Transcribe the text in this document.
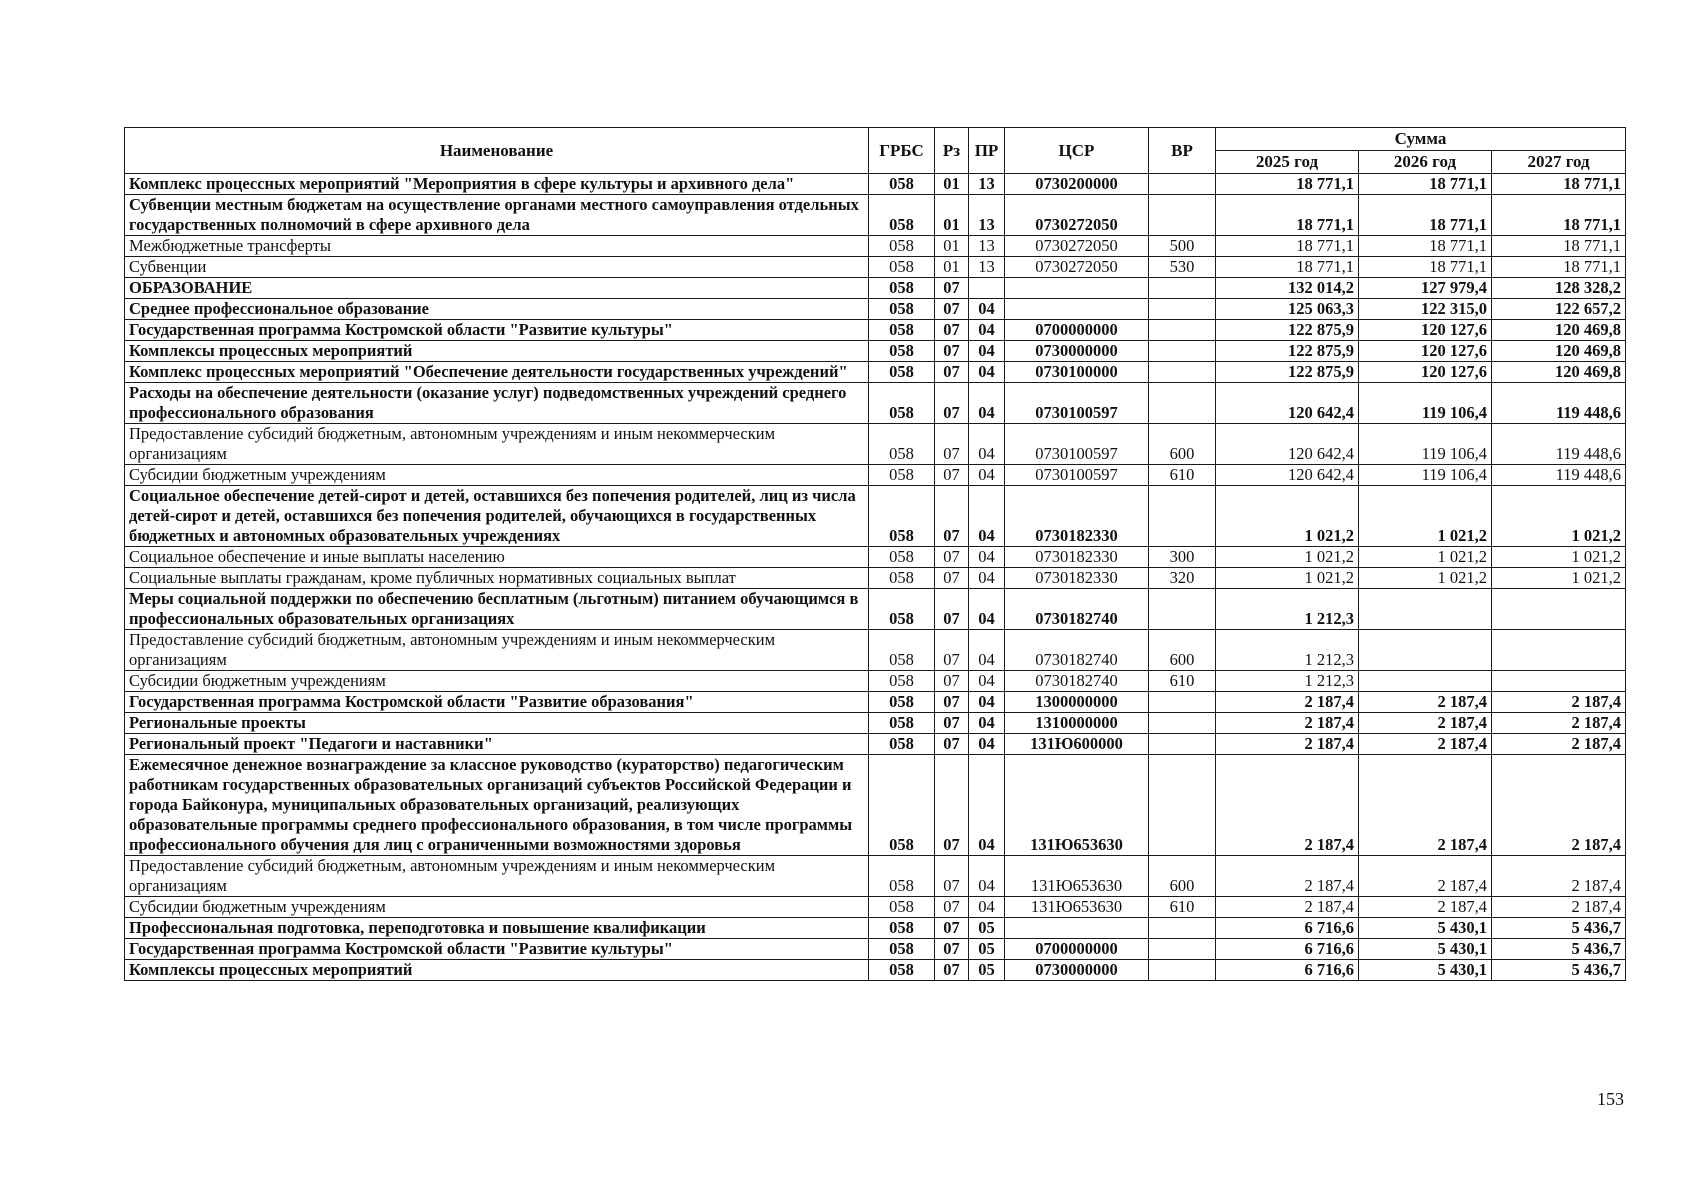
Наименование	ГРБС	Рз	ПР	ЦСР	ВР	Сумма		
						2025 год	2026 год	2027 год
Комплекс процессных мероприятий "Мероприятия в сфере культуры и архивного дела"	058	01	13	0730200000		18 771,1	18 771,1	18 771,1
Субвенции местным бюджетам на осуществление органами местного самоуправления отдельных государственных полномочий в сфере архивного дела	058	01	13	0730272050		18 771,1	18 771,1	18 771,1
Межбюджетные трансферты	058	01	13	0730272050	500	18 771,1	18 771,1	18 771,1
Субвенции	058	01	13	0730272050	530	18 771,1	18 771,1	18 771,1
ОБРАЗОВАНИЕ	058	07				132 014,2	127 979,4	128 328,2
Среднее профессиональное образование	058	07	04			125 063,3	122 315,0	122 657,2
Государственная программа Костромской области "Развитие культуры"	058	07	04	0700000000		122 875,9	120 127,6	120 469,8
Комплексы процессных мероприятий	058	07	04	0730000000		122 875,9	120 127,6	120 469,8
Комплекс процессных мероприятий "Обеспечение деятельности государственных учреждений"	058	07	04	0730100000		122 875,9	120 127,6	120 469,8
Расходы на обеспечение деятельности (оказание услуг) подведомственных учреждений среднего профессионального образования	058	07	04	0730100597		120 642,4	119 106,4	119 448,6
Предоставление субсидий бюджетным, автономным учреждениям и иным некоммерческим организациям	058	07	04	0730100597	600	120 642,4	119 106,4	119 448,6
Субсидии бюджетным учреждениям	058	07	04	0730100597	610	120 642,4	119 106,4	119 448,6
Социальное обеспечение детей-сирот и детей, оставшихся без попечения родителей, лиц из числа детей-сирот и детей, оставшихся без попечения родителей, обучающихся в государственных бюджетных и автономных образовательных учреждениях	058	07	04	0730182330		1 021,2	1 021,2	1 021,2
Социальное обеспечение и иные выплаты населению	058	07	04	0730182330	300	1 021,2	1 021,2	1 021,2
Социальные выплаты гражданам, кроме публичных нормативных социальных выплат	058	07	04	0730182330	320	1 021,2	1 021,2	1 021,2
Меры социальной поддержки по обеспечению бесплатным (льготным) питанием обучающимся в профессиональных образовательных организациях	058	07	04	0730182740		1 212,3		
Предоставление субсидий бюджетным, автономным учреждениям и иным некоммерческим организациям	058	07	04	0730182740	600	1 212,3		
Субсидии бюджетным учреждениям	058	07	04	0730182740	610	1 212,3		
Государственная программа Костромской области "Развитие образования"	058	07	04	1300000000		2 187,4	2 187,4	2 187,4
Региональные проекты	058	07	04	1310000000		2 187,4	2 187,4	2 187,4
Региональный проект "Педагоги и наставники"	058	07	04	131Ю600000		2 187,4	2 187,4	2 187,4
Ежемесячное денежное вознаграждение за классное руководство (кураторство) педагогическим работникам государственных образовательных организаций субъектов Российской Федерации и города Байконура, муниципальных образовательных организаций, реализующих образовательные программы среднего профессионального образования, в том числе программы профессионального обучения для лиц с ограниченными возможностями здоровья	058	07	04	131Ю653630		2 187,4	2 187,4	2 187,4
Предоставление субсидий бюджетным, автономным учреждениям и иным некоммерческим организациям	058	07	04	131Ю653630	600	2 187,4	2 187,4	2 187,4
Субсидии бюджетным учреждениям	058	07	04	131Ю653630	610	2 187,4	2 187,4	2 187,4
Профессиональная подготовка, переподготовка и повышение квалификации	058	07	05			6 716,6	5 430,1	5 436,7
Государственная программа Костромской области "Развитие культуры"	058	07	05	0700000000		6 716,6	5 430,1	5 436,7
Комплексы процессных мероприятий	058	07	05	0730000000		6 716,6	5 430,1	5 436,7
153
